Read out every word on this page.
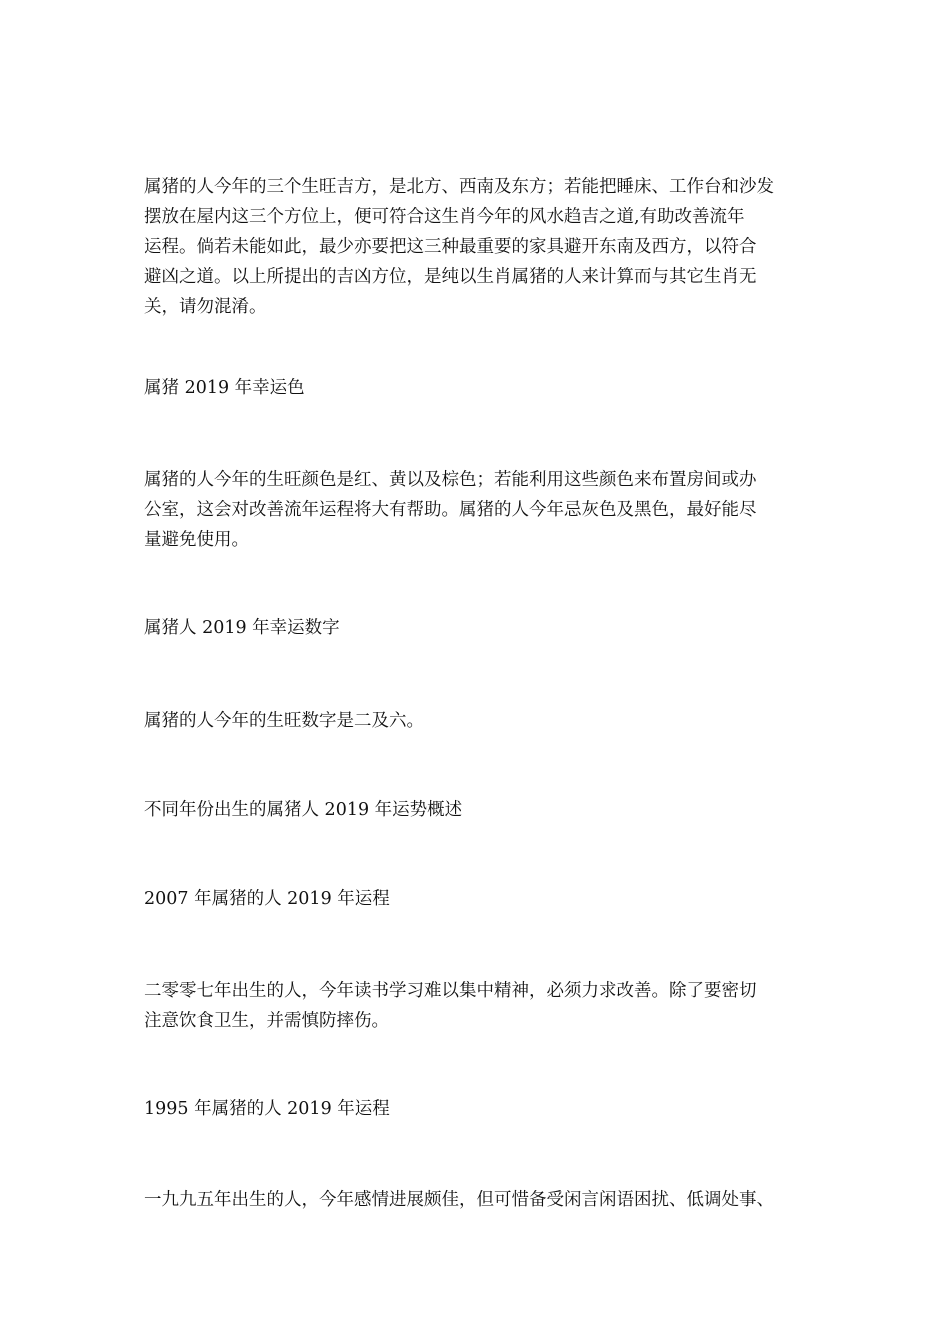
属猪的人今年的三个生旺吉方，是北方、西南及东方；若能把睡床、工作台和沙发
摆放在屋内这三个方位上，便可符合这生肖今年的风水趋吉之道,有助改善流年
运程。倘若未能如此，最少亦要把这三种最重要的家具避开东南及西方，以符合
避凶之道。以上所提出的吉凶方位，是纯以生肖属猪的人来计算而与其它生肖无
关，请勿混淆。
属猪 2019 年幸运色
属猪的人今年的生旺颜色是红、黄以及棕色；若能利用这些颜色来布置房间或办
公室，这会对改善流年运程将大有帮助。属猪的人今年忌灰色及黑色，最好能尽
量避免使用。
属猪人 2019 年幸运数字
属猪的人今年的生旺数字是二及六。
不同年份出生的属猪人 2019 年运势概述
2007 年属猪的人 2019 年运程
二零零七年出生的人，今年读书学习难以集中精神，必须力求改善。除了要密切
注意饮食卫生，并需慎防摔伤。
1995 年属猪的人 2019 年运程
一九九五年出生的人，今年感情进展颇佳，但可惜备受闲言闲语困扰、低调处事、
